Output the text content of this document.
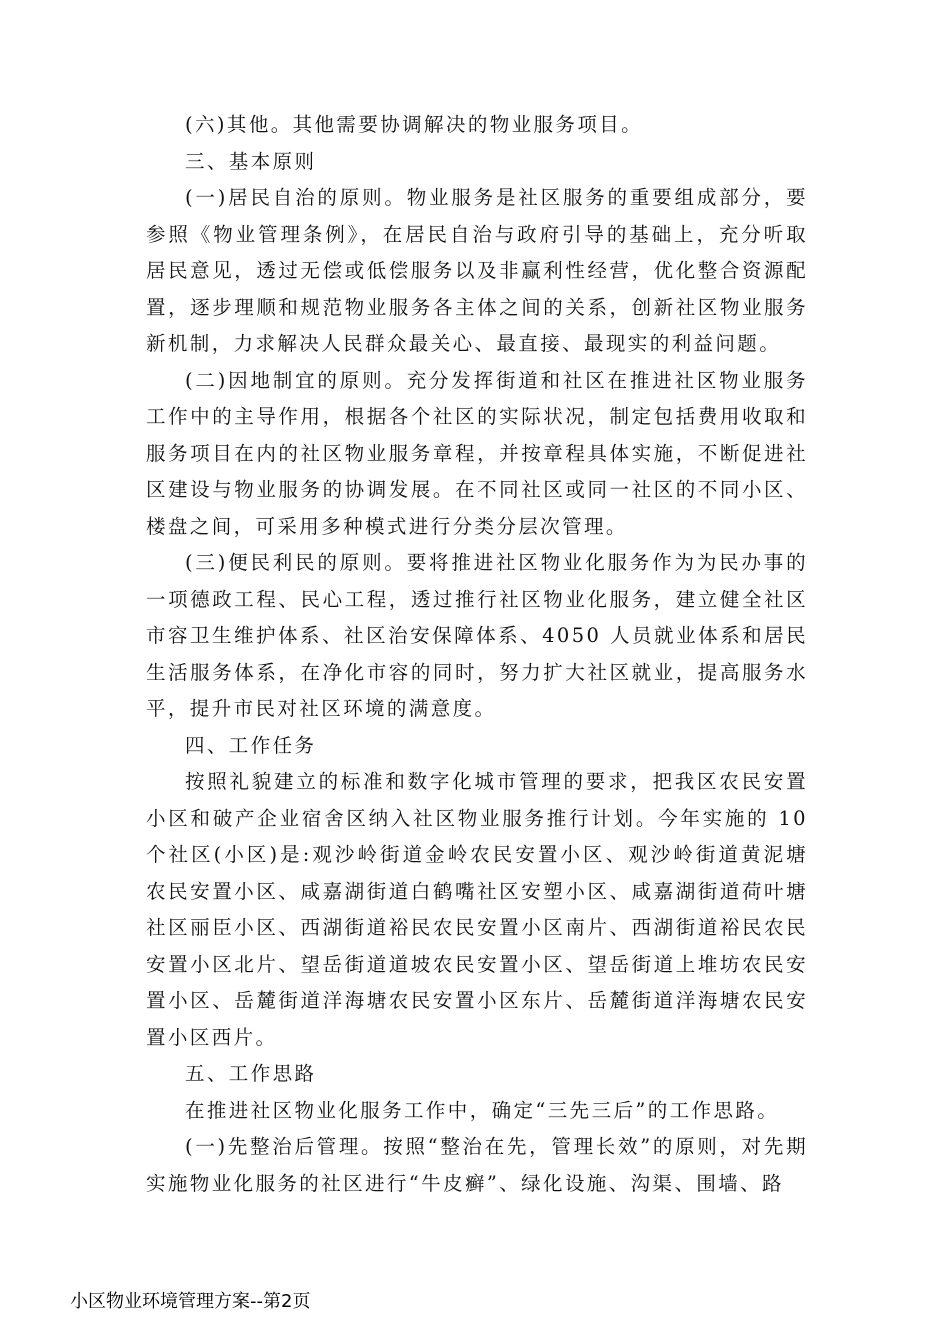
(六)其他。其他需要协调解决的物业服务项目。

三、基本原则

(一)居民自治的原则。物业服务是社区服务的重要组成部分，要参照《物业管理条例》，在居民自治与政府引导的基础上，充分听取居民意见，透过无偿或低偿服务以及非赢利性经营，优化整合资源配置，逐步理顺和规范物业服务各主体之间的关系，创新社区物业服务新机制，力求解决人民群众最关心、最直接、最现实的利益问题。

(二)因地制宜的原则。充分发挥街道和社区在推进社区物业服务工作中的主导作用，根据各个社区的实际状况，制定包括费用收取和服务项目在内的社区物业服务章程，并按章程具体实施，不断促进社区建设与物业服务的协调发展。在不同社区或同一社区的不同小区、楼盘之间，可采用多种模式进行分类分层次管理。

(三)便民利民的原则。要将推进社区物业化服务作为为民办事的一项德政工程、民心工程，透过推行社区物业化服务，建立健全社区市容卫生维护体系、社区治安保障体系、4050 人员就业体系和居民生活服务体系，在净化市容的同时，努力扩大社区就业，提高服务水平，提升市民对社区环境的满意度。

四、工作任务

按照礼貌建立的标准和数字化城市管理的要求，把我区农民安置小区和破产企业宿舍区纳入社区物业服务推行计划。今年实施的 10 个社区(小区)是:观沙岭街道金岭农民安置小区、观沙岭街道黄泥塘农民安置小区、咸嘉湖街道白鹤嘴社区安塑小区、咸嘉湖街道荷叶塘社区丽臣小区、西湖街道裕民农民安置小区南片、西湖街道裕民农民安置小区北片、望岳街道道坡农民安置小区、望岳街道上堆坊农民安置小区、岳麓街道洋海塘农民安置小区东片、岳麓街道洋海塘农民安置小区西片。

五、工作思路

在推进社区物业化服务工作中，确定“三先三后”的工作思路。

(一)先整治后管理。按照“整治在先，管理长效”的原则，对先期实施物业化服务的社区进行“牛皮癣”、绿化设施、沟渠、围墙、路

小区物业环境管理方案--第2页
